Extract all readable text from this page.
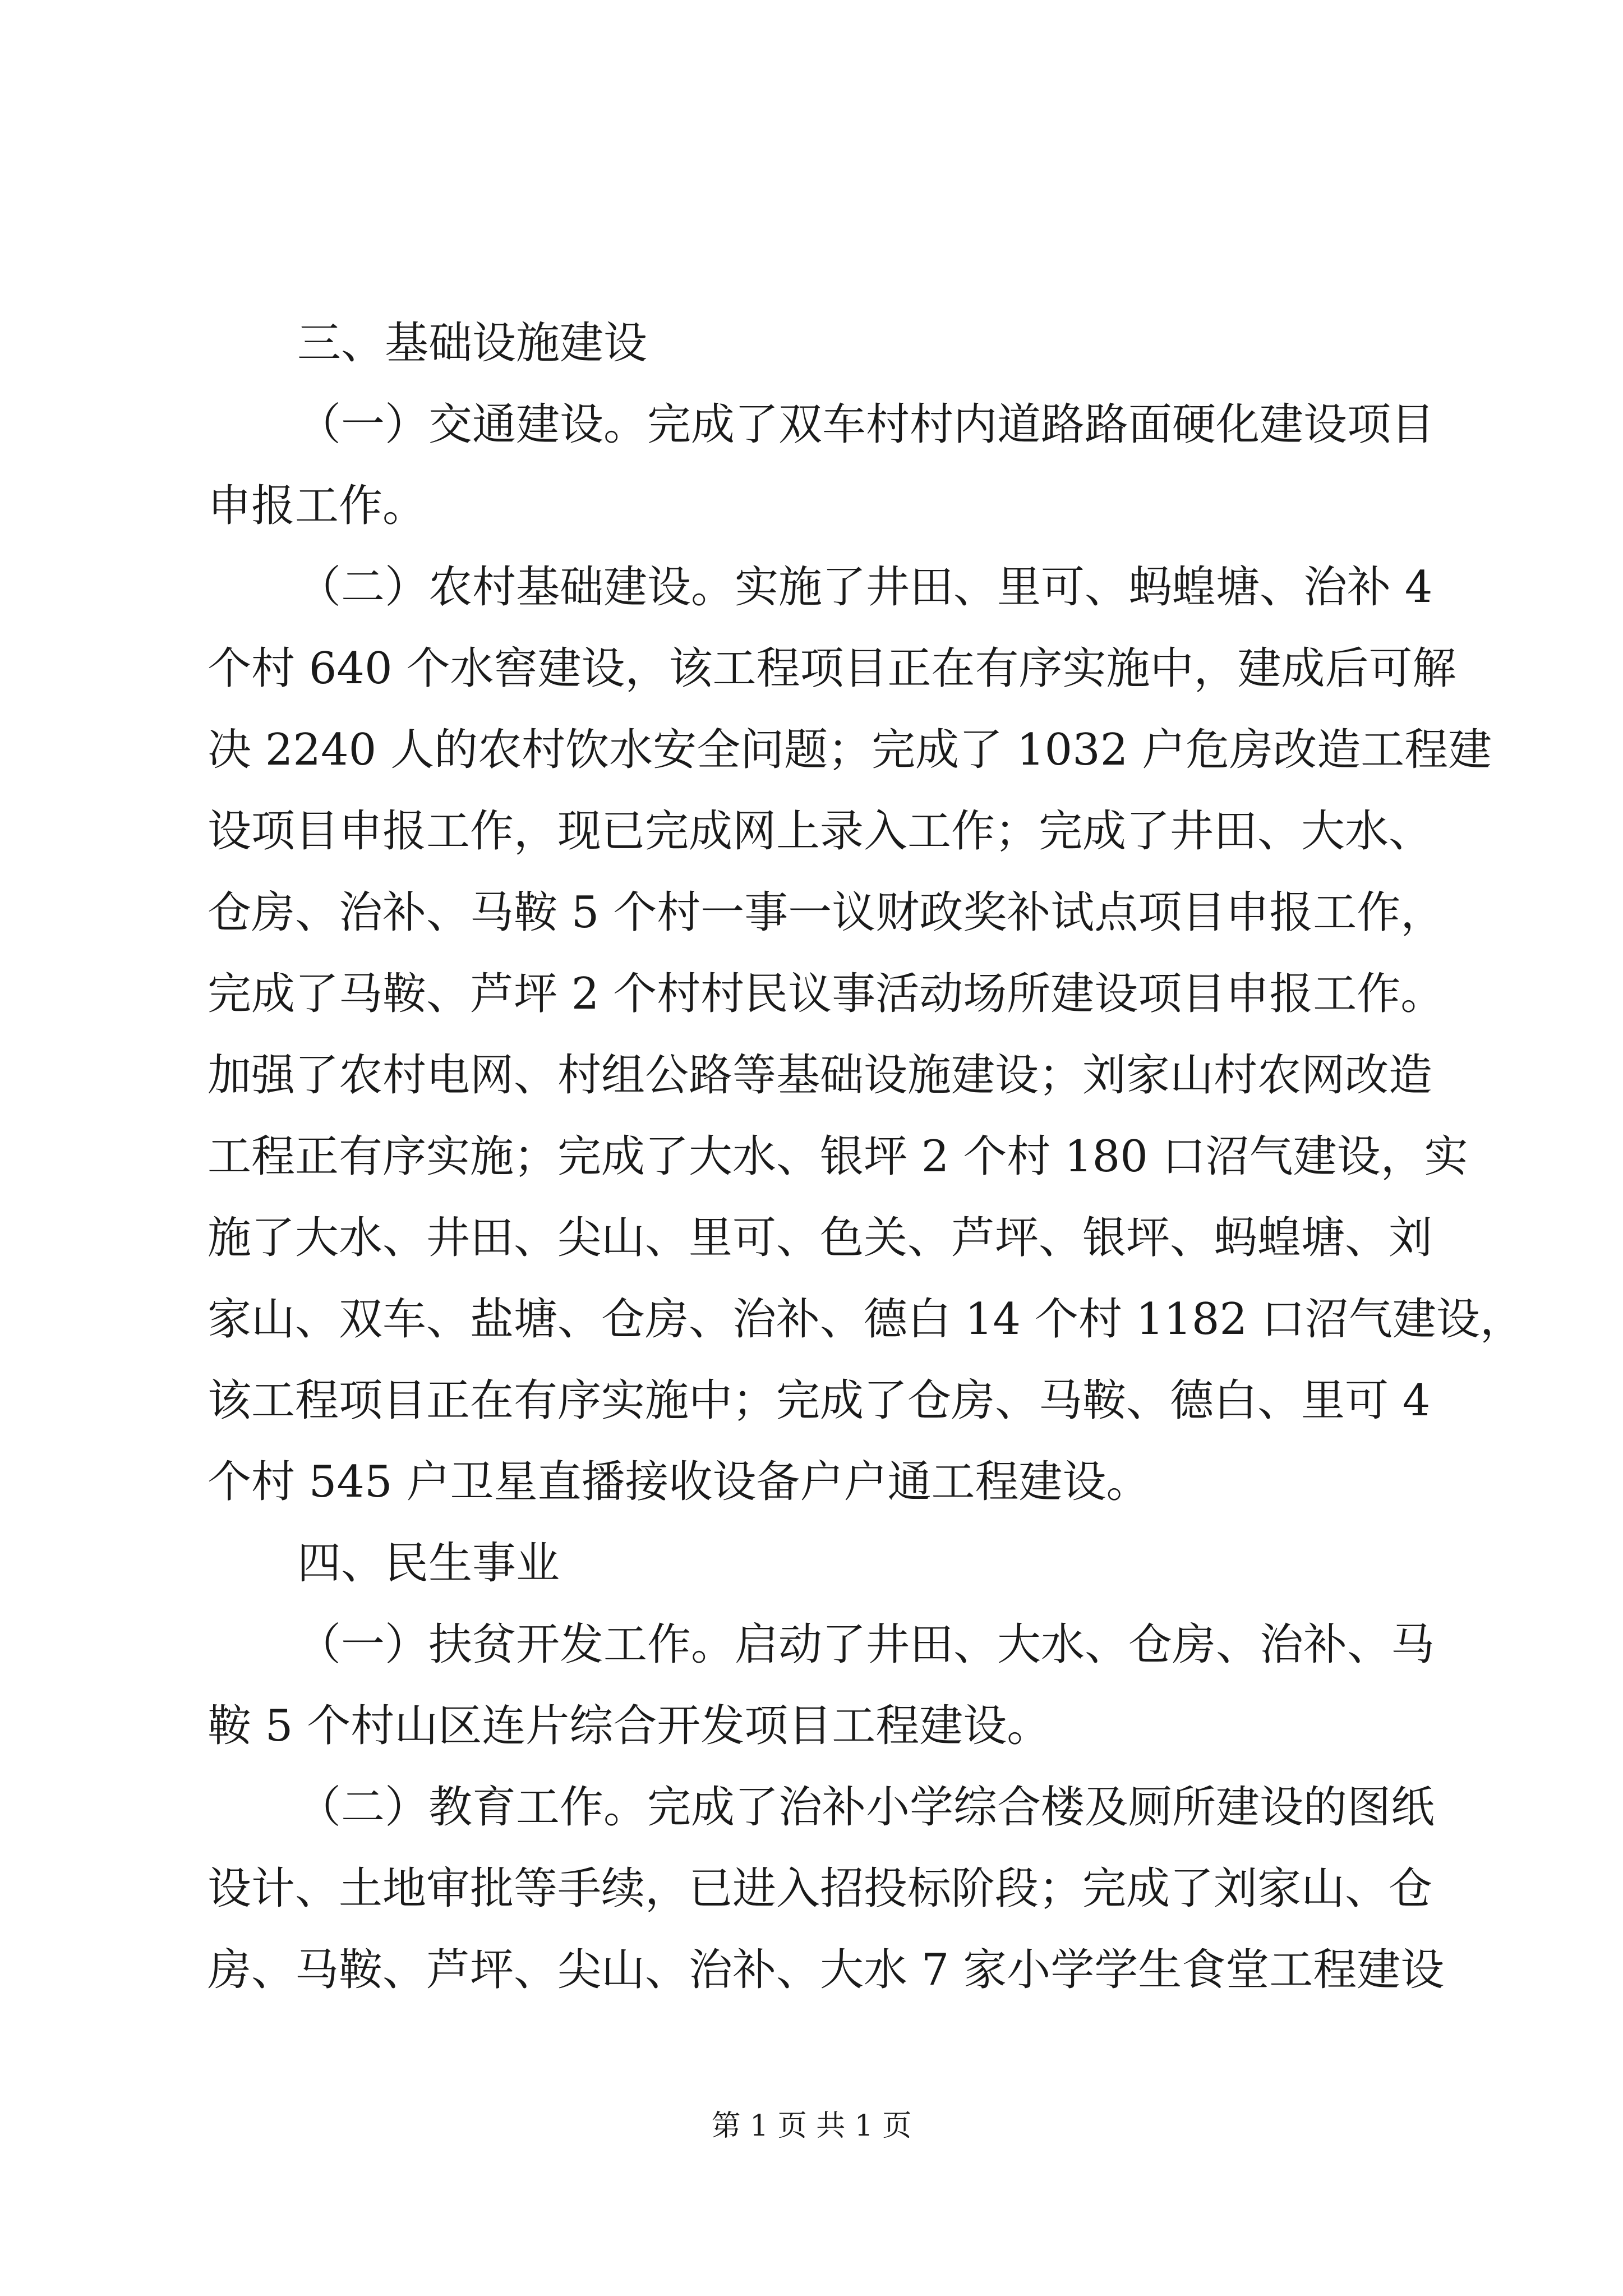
三、基础设施建设
（一）交通建设。完成了双车村村内道路路面硬化建设项目
申报工作。
（二）农村基础建设。实施了井田、里可、蚂蝗塘、治补 4
个村 640 个水窖建设，该工程项目正在有序实施中，建成后可解
决 2240 人的农村饮水安全问题；完成了 1032 户危房改造工程建
设项目申报工作，现已完成网上录入工作；完成了井田、大水、
仓房、治补、马鞍 5 个村一事一议财政奖补试点项目申报工作，
完成了马鞍、芦坪 2 个村村民议事活动场所建设项目申报工作。
加强了农村电网、村组公路等基础设施建设；刘家山村农网改造
工程正有序实施；完成了大水、银坪 2 个村 180 口沼气建设，实
施了大水、井田、尖山、里可、色关、芦坪、银坪、蚂蝗塘、刘
家山、双车、盐塘、仓房、治补、德白 14 个村 1182 口沼气建设，
该工程项目正在有序实施中；完成了仓房、马鞍、德白、里可 4
个村 545 户卫星直播接收设备户户通工程建设。
四、民生事业
（一）扶贫开发工作。启动了井田、大水、仓房、治补、马
鞍 5 个村山区连片综合开发项目工程建设。
（二）教育工作。完成了治补小学综合楼及厕所建设的图纸
设计、土地审批等手续，已进入招投标阶段；完成了刘家山、仓
房、马鞍、芦坪、尖山、治补、大水 7 家小学学生食堂工程建设
第 1 页 共 1 页
